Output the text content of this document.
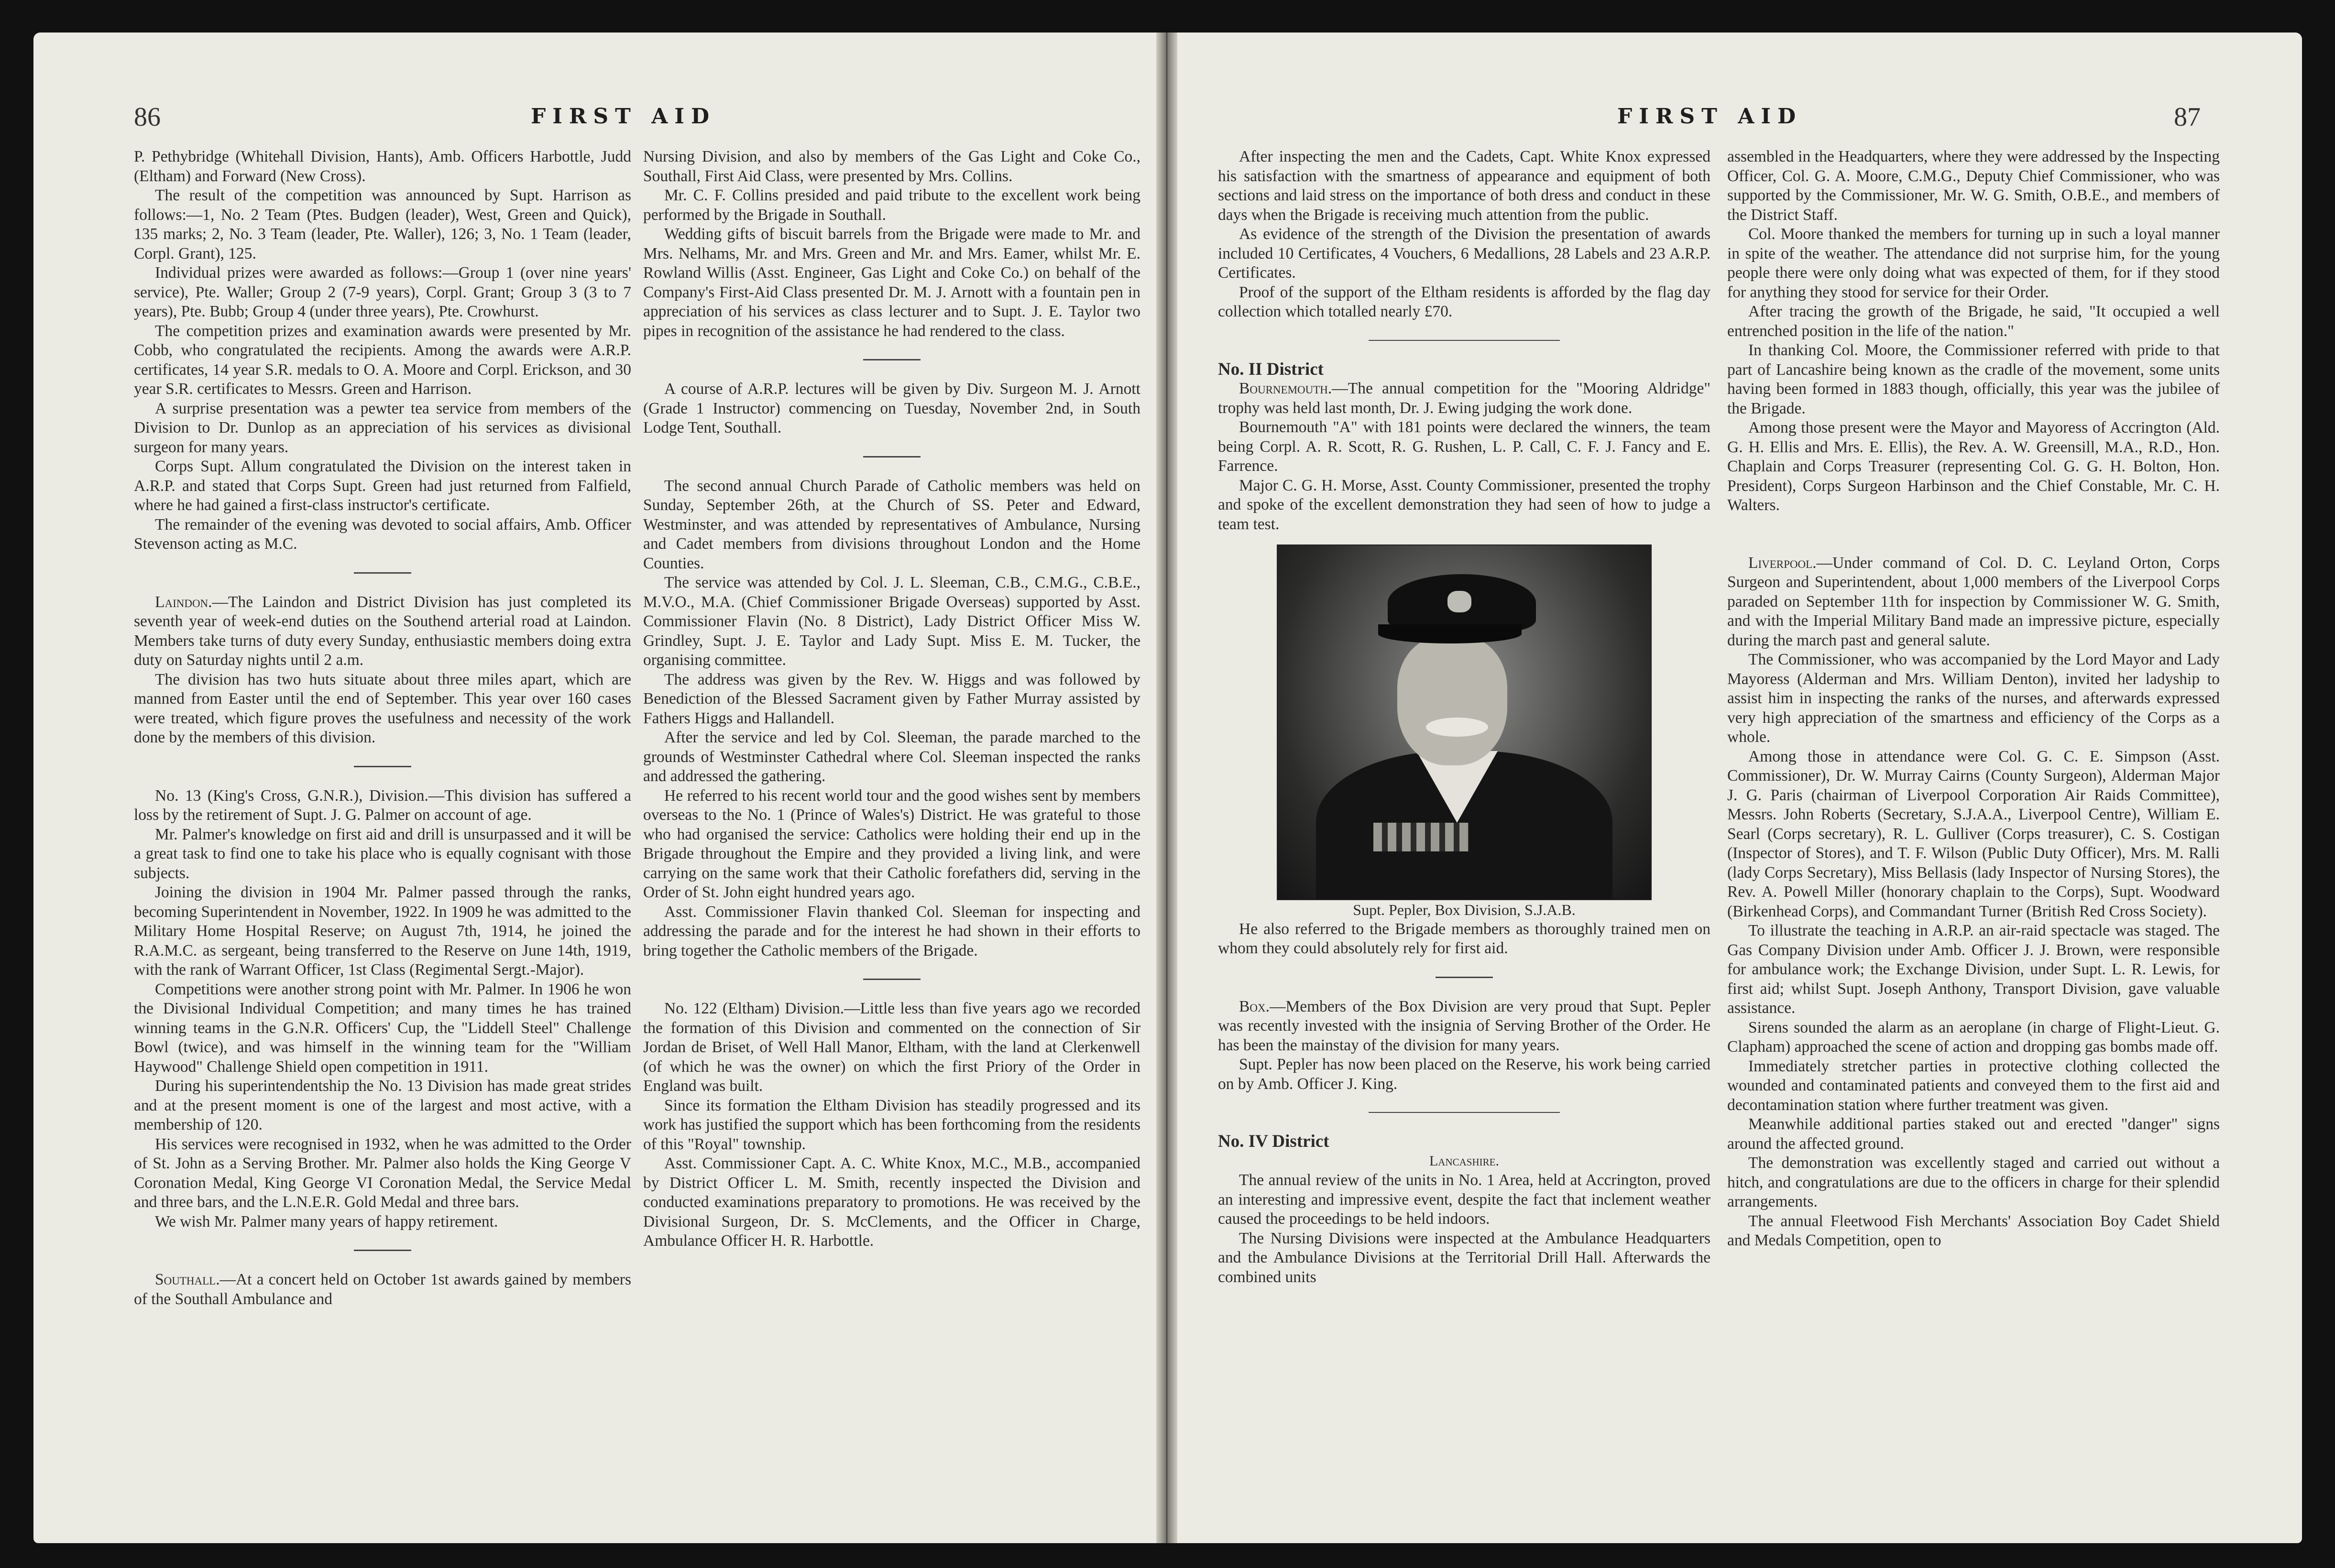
86	FIRST AID

P. Pethybridge (Whitehall Division, Hants), Amb. Officers Harbottle, Judd (Eltham) and Forward (New Cross).

The result of the competition was announced by Supt. Harrison as follows:—1, No. 2 Team (Ptes. Budgen (leader), West, Green and Quick), 135 marks; 2, No. 3 Team (leader, Pte. Waller), 126; 3, No. 1 Team (leader, Corpl. Grant), 125.

Individual prizes were awarded as follows:—Group 1 (over nine years' service), Pte. Waller; Group 2 (7-9 years), Corpl. Grant; Group 3 (3 to 7 years), Pte. Bubb; Group 4 (under three years), Pte. Crowhurst.

The competition prizes and examination awards were presented by Mr. Cobb, who congratulated the recipients. Among the awards were A.R.P. certificates, 14 year S.R. medals to O. A. Moore and Corpl. Erickson, and 30 year S.R. certificates to Messrs. Green and Harrison.

A surprise presentation was a pewter tea service from members of the Division to Dr. Dunlop as an appreciation of his services as divisional surgeon for many years.

Corps Supt. Allum congratulated the Division on the interest taken in A.R.P. and stated that Corps Supt. Green had just returned from Falfield, where he had gained a first-class instructor's certificate.

The remainder of the evening was devoted to social affairs, Amb. Officer Stevenson acting as M.C.

Laindon.—The Laindon and District Division has just completed its seventh year of week-end duties on the Southend arterial road at Laindon. Members take turns of duty every Sunday, enthusiastic members doing extra duty on Saturday nights until 2 a.m.

The division has two huts situate about three miles apart, which are manned from Easter until the end of September. This year over 160 cases were treated, which figure proves the usefulness and necessity of the work done by the members of this division.

No. 13 (King's Cross, G.N.R.), Division.—This division has suffered a loss by the retirement of Supt. J. G. Palmer on account of age.

Mr. Palmer's knowledge on first aid and drill is unsurpassed and it will be a great task to find one to take his place who is equally cognisant with those subjects.

Joining the division in 1904 Mr. Palmer passed through the ranks, becoming Superintendent in November, 1922. In 1909 he was admitted to the Military Home Hospital Reserve; on August 7th, 1914, he joined the R.A.M.C. as sergeant, being transferred to the Reserve on June 14th, 1919, with the rank of Warrant Officer, 1st Class (Regimental Sergt.-Major).

Competitions were another strong point with Mr. Palmer. In 1906 he won the Divisional Individual Competition; and many times he has trained winning teams in the G.N.R. Officers' Cup, the "Liddell Steel" Challenge Bowl (twice), and was himself in the winning team for the "William Haywood" Challenge Shield open competition in 1911.

During his superintendentship the No. 13 Division has made great strides and at the present moment is one of the largest and most active, with a membership of 120.

His services were recognised in 1932, when he was admitted to the Order of St. John as a Serving Brother. Mr. Palmer also holds the King George V Coronation Medal, King George VI Coronation Medal, the Service Medal and three bars, and the L.N.E.R. Gold Medal and three bars.

We wish Mr. Palmer many years of happy retirement.

Southall.—At a concert held on October 1st awards gained by members of the Southall Ambulance and

Nursing Division, and also by members of the Gas Light and Coke Co., Southall, First Aid Class, were presented by Mrs. Collins.

Mr. C. F. Collins presided and paid tribute to the excellent work being performed by the Brigade in Southall.

Wedding gifts of biscuit barrels from the Brigade were made to Mr. and Mrs. Nelhams, Mr. and Mrs. Green and Mr. and Mrs. Eamer, whilst Mr. E. Rowland Willis (Asst. Engineer, Gas Light and Coke Co.) on behalf of the Company's First-Aid Class presented Dr. M. J. Arnott with a fountain pen in appreciation of his services as class lecturer and to Supt. J. E. Taylor two pipes in recognition of the assistance he had rendered to the class.

A course of A.R.P. lectures will be given by Div. Surgeon M. J. Arnott (Grade 1 Instructor) commencing on Tuesday, November 2nd, in South Lodge Tent, Southall.

The second annual Church Parade of Catholic members was held on Sunday, September 26th, at the Church of SS. Peter and Edward, Westminster, and was attended by representatives of Ambulance, Nursing and Cadet members from divisions throughout London and the Home Counties.

The service was attended by Col. J. L. Sleeman, C.B., C.M.G., C.B.E., M.V.O., M.A. (Chief Commissioner Brigade Overseas) supported by Asst. Commissioner Flavin (No. 8 District), Lady District Officer Miss W. Grindley, Supt. J. E. Taylor and Lady Supt. Miss E. M. Tucker, the organising committee.

The address was given by the Rev. W. Higgs and was followed by Benediction of the Blessed Sacrament given by Father Murray assisted by Fathers Higgs and Hallandell.

After the service and led by Col. Sleeman, the parade marched to the grounds of Westminster Cathedral where Col. Sleeman inspected the ranks and addressed the gathering.

He referred to his recent world tour and the good wishes sent by members overseas to the No. 1 (Prince of Wales's) District. He was grateful to those who had organised the service: Catholics were holding their end up in the Brigade throughout the Empire and they provided a living link, and were carrying on the same work that their Catholic forefathers did, serving in the Order of St. John eight hundred years ago.

Asst. Commissioner Flavin thanked Col. Sleeman for inspecting and addressing the parade and for the interest he had shown in their efforts to bring together the Catholic members of the Brigade.

No. 122 (Eltham) Division.—Little less than five years ago we recorded the formation of this Division and commented on the connection of Sir Jordan de Briset, of Well Hall Manor, Eltham, with the land at Clerkenwell (of which he was the owner) on which the first Priory of the Order in England was built.

Since its formation the Eltham Division has steadily progressed and its work has justified the support which has been forthcoming from the residents of this "Royal" township.

Asst. Commissioner Capt. A. C. White Knox, M.C., M.B., accompanied by District Officer L. M. Smith, recently inspected the Division and conducted examinations preparatory to promotions. He was received by the Divisional Surgeon, Dr. S. McClements, and the Officer in Charge, Ambulance Officer H. R. Harbottle.

FIRST AID	87

After inspecting the men and the Cadets, Capt. White Knox expressed his satisfaction with the smartness of appearance and equipment of both sections and laid stress on the importance of both dress and conduct in these days when the Brigade is receiving much attention from the public.

As evidence of the strength of the Division the presentation of awards included 10 Certificates, 4 Vouchers, 6 Medallions, 28 Labels and 23 A.R.P. Certificates.

Proof of the support of the Eltham residents is afforded by the flag day collection which totalled nearly £70.

No. II District

Bournemouth.—The annual competition for the "Mooring Aldridge" trophy was held last month, Dr. J. Ewing judging the work done.

Bournemouth "A" with 181 points were declared the winners, the team being Corpl. A. R. Scott, R. G. Rushen, L. P. Call, C. F. J. Fancy and E. Farrence.

Major C. G. H. Morse, Asst. County Commissioner, presented the trophy and spoke of the excellent demonstration they had seen of how to judge a team test.

Supt. Pepler, Box Division, S.J.A.B.

He also referred to the Brigade members as thoroughly trained men on whom they could absolutely rely for first aid.

Box.—Members of the Box Division are very proud that Supt. Pepler was recently invested with the insignia of Serving Brother of the Order. He has been the mainstay of the division for many years.

Supt. Pepler has now been placed on the Reserve, his work being carried on by Amb. Officer J. King.

No. IV District

Lancashire.

The annual review of the units in No. 1 Area, held at Accrington, proved an interesting and impressive event, despite the fact that inclement weather caused the proceedings to be held indoors.

The Nursing Divisions were inspected at the Ambulance Headquarters and the Ambulance Divisions at the Territorial Drill Hall. Afterwards the combined units

assembled in the Headquarters, where they were addressed by the Inspecting Officer, Col. G. A. Moore, C.M.G., Deputy Chief Commissioner, who was supported by the Commissioner, Mr. W. G. Smith, O.B.E., and members of the District Staff.

Col. Moore thanked the members for turning up in such a loyal manner in spite of the weather. The attendance did not surprise him, for the young people there were only doing what was expected of them, for if they stood for anything they stood for service for their Order.

After tracing the growth of the Brigade, he said, "It occupied a well entrenched position in the life of the nation."

In thanking Col. Moore, the Commissioner referred with pride to that part of Lancashire being known as the cradle of the movement, some units having been formed in 1883 though, officially, this year was the jubilee of the Brigade.

Among those present were the Mayor and Mayoress of Accrington (Ald. G. H. Ellis and Mrs. E. Ellis), the Rev. A. W. Greensill, M.A., R.D., Hon. Chaplain and Corps Treasurer (representing Col. G. G. H. Bolton, Hon. President), Corps Surgeon Harbinson and the Chief Constable, Mr. C. H. Walters.

Liverpool.—Under command of Col. D. C. Leyland Orton, Corps Surgeon and Superintendent, about 1,000 members of the Liverpool Corps paraded on September 11th for inspection by Commissioner W. G. Smith, and with the Imperial Military Band made an impressive picture, especially during the march past and general salute.

The Commissioner, who was accompanied by the Lord Mayor and Lady Mayoress (Alderman and Mrs. William Denton), invited her ladyship to assist him in inspecting the ranks of the nurses, and afterwards expressed very high appreciation of the smartness and efficiency of the Corps as a whole.

Among those in attendance were Col. G. C. E. Simpson (Asst. Commissioner), Dr. W. Murray Cairns (County Surgeon), Alderman Major J. G. Paris (chairman of Liverpool Corporation Air Raids Committee), Messrs. John Roberts (Secretary, S.J.A.A., Liverpool Centre), William E. Searl (Corps secretary), R. L. Gulliver (Corps treasurer), C. S. Costigan (Inspector of Stores), and T. F. Wilson (Public Duty Officer), Mrs. M. Ralli (lady Corps Secretary), Miss Bellasis (lady Inspector of Nursing Stores), the Rev. A. Powell Miller (honorary chaplain to the Corps), Supt. Woodward (Birkenhead Corps), and Commandant Turner (British Red Cross Society).

To illustrate the teaching in A.R.P. an air-raid spectacle was staged. The Gas Company Division under Amb. Officer J. J. Brown, were responsible for ambulance work; the Exchange Division, under Supt. L. R. Lewis, for first aid; whilst Supt. Joseph Anthony, Transport Division, gave valuable assistance.

Sirens sounded the alarm as an aeroplane (in charge of Flight-Lieut. G. Clapham) approached the scene of action and dropping gas bombs made off.

Immediately stretcher parties in protective clothing collected the wounded and contaminated patients and conveyed them to the first aid and decontamination station where further treatment was given.

Meanwhile additional parties staked out and erected "danger" signs around the affected ground.

The demonstration was excellently staged and carried out without a hitch, and congratulations are due to the officers in charge for their splendid arrangements.

The annual Fleetwood Fish Merchants' Association Boy Cadet Shield and Medals Competition, open to
